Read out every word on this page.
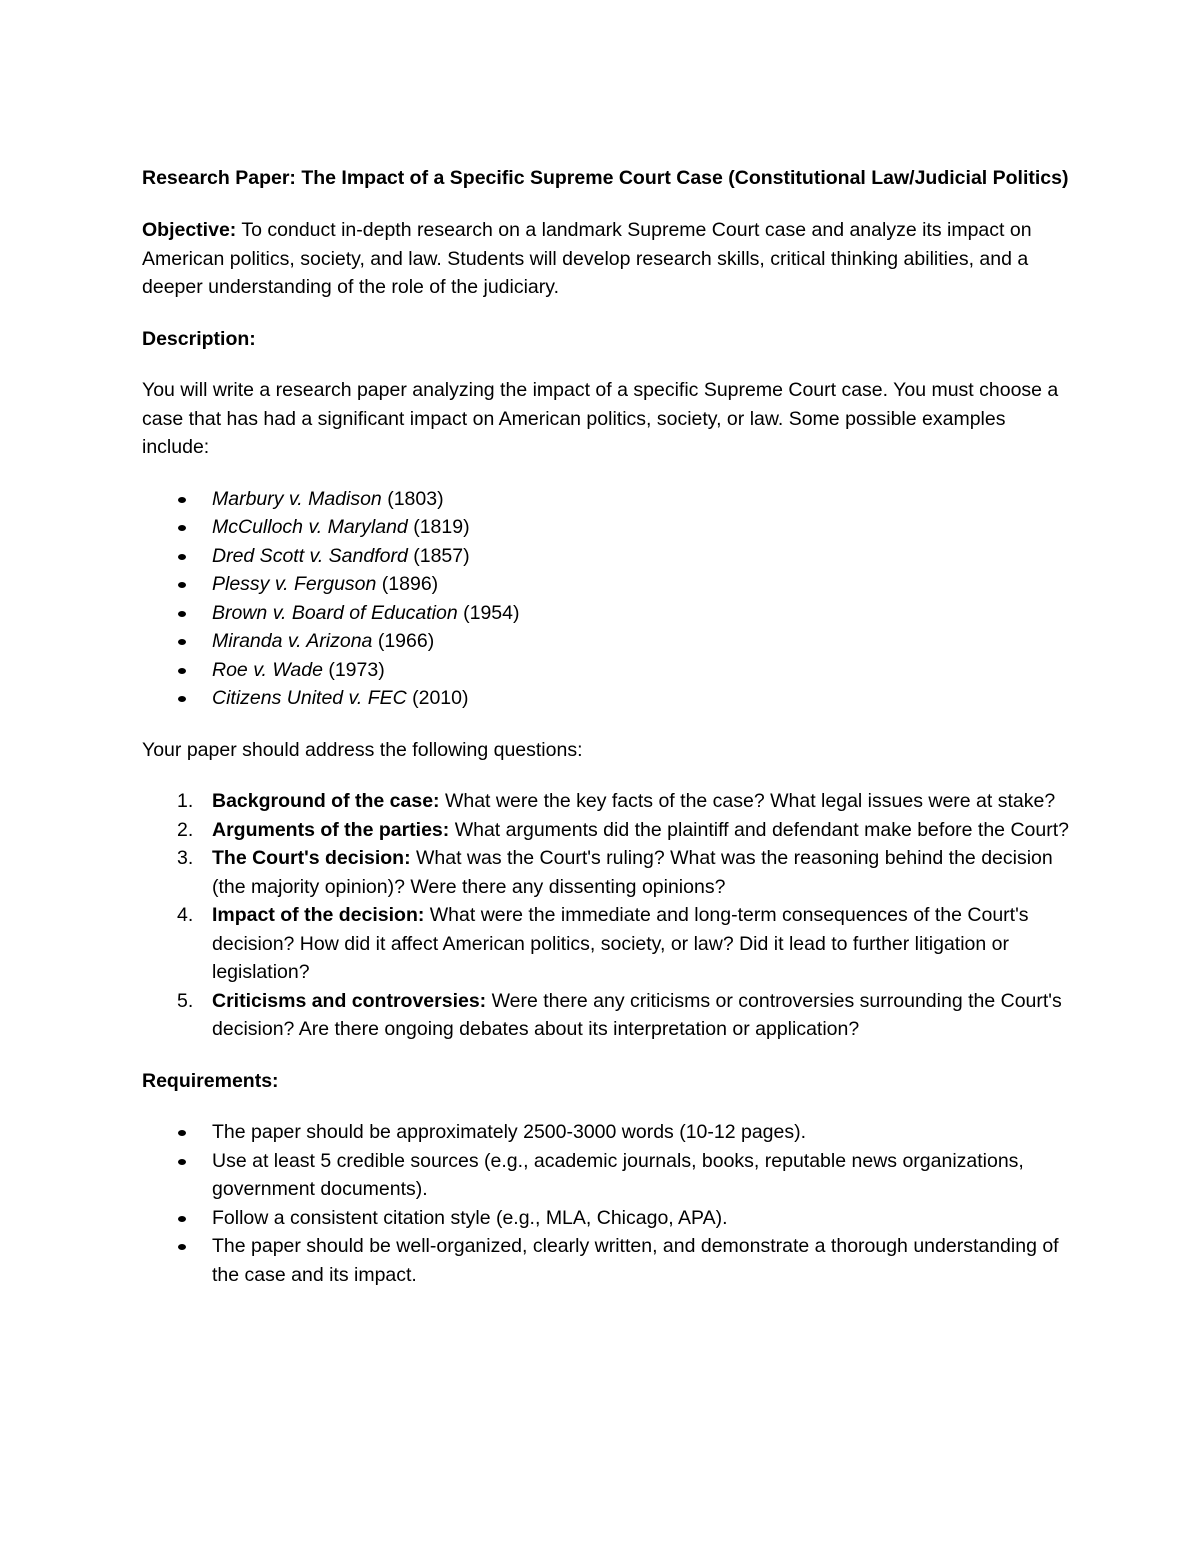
Research Paper: The Impact of a Specific Supreme Court Case (Constitutional Law/Judicial Politics)
Objective: To conduct in-depth research on a landmark Supreme Court case and analyze its impact on American politics, society, and law. Students will develop research skills, critical thinking abilities, and a deeper understanding of the role of the judiciary.
Description:
You will write a research paper analyzing the impact of a specific Supreme Court case. You must choose a case that has had a significant impact on American politics, society, or law. Some possible examples include:
Marbury v. Madison (1803)
McCulloch v. Maryland (1819)
Dred Scott v. Sandford (1857)
Plessy v. Ferguson (1896)
Brown v. Board of Education (1954)
Miranda v. Arizona (1966)
Roe v. Wade (1973)
Citizens United v. FEC (2010)
Your paper should address the following questions:
1. Background of the case: What were the key facts of the case? What legal issues were at stake?
2. Arguments of the parties: What arguments did the plaintiff and defendant make before the Court?
3. The Court's decision: What was the Court's ruling? What was the reasoning behind the decision (the majority opinion)? Were there any dissenting opinions?
4. Impact of the decision: What were the immediate and long-term consequences of the Court's decision? How did it affect American politics, society, or law? Did it lead to further litigation or legislation?
5. Criticisms and controversies: Were there any criticisms or controversies surrounding the Court's decision? Are there ongoing debates about its interpretation or application?
Requirements:
The paper should be approximately 2500-3000 words (10-12 pages).
Use at least 5 credible sources (e.g., academic journals, books, reputable news organizations, government documents).
Follow a consistent citation style (e.g., MLA, Chicago, APA).
The paper should be well-organized, clearly written, and demonstrate a thorough understanding of the case and its impact.
